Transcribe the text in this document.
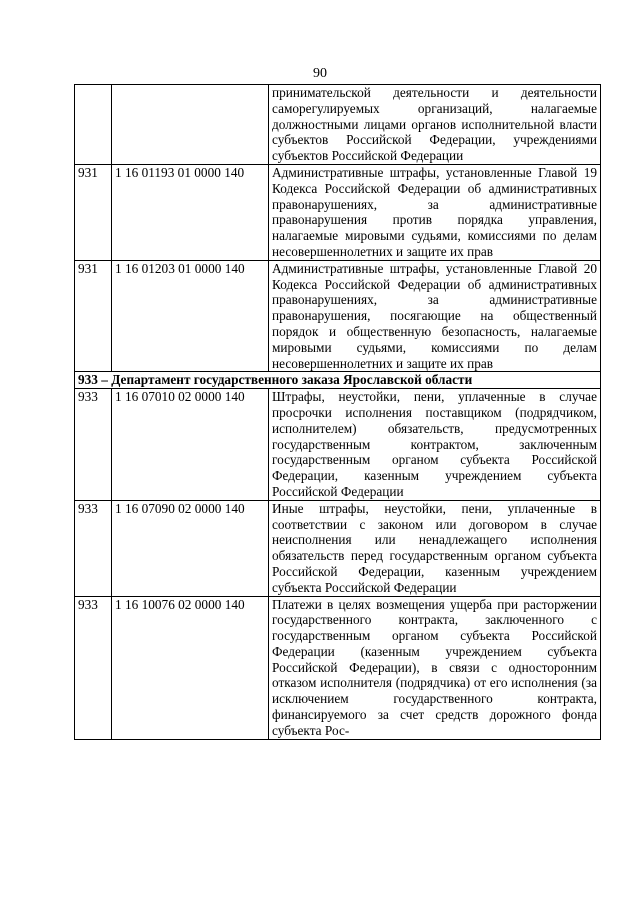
90
		принимательской деятельности и деятельности саморегулируемых организаций, налагаемые должностными лицами органов исполнительной власти субъектов Российской Федерации, учреждениями субъектов Российской Федерации
931	1 16 01193 01 0000 140	Административные штрафы, установленные Главой 19 Кодекса Российской Федерации об административных правонарушениях, за административные правонарушения против порядка управления, налагаемые мировыми судьями, комиссиями по делам несовершеннолетних и защите их прав
931	1 16 01203 01 0000 140	Административные штрафы, установленные Главой 20 Кодекса Российской Федерации об административных правонарушениях, за административные правонарушения, посягающие на общественный порядок и общественную безопасность, налагаемые мировыми судьями, комиссиями по делам несовершеннолетних и защите их прав
933 – Департамент государственного заказа Ярославской области		
933	1 16 07010 02 0000 140	Штрафы, неустойки, пени, уплаченные в случае просрочки исполнения поставщиком (подрядчиком, исполнителем) обязательств, предусмотренных государственным контрактом, заключенным государственным органом субъекта Российской Федерации, казенным учреждением субъекта Российской Федерации
933	1 16 07090 02 0000 140	Иные штрафы, неустойки, пени, уплаченные в соответствии с законом или договором в случае неисполнения или ненадлежащего исполнения обязательств перед государственным органом субъекта Российской Федерации, казенным учреждением субъекта Российской Федерации
933	1 16 10076 02 0000 140	Платежи в целях возмещения ущерба при расторжении государственного контракта, заключенного с государственным органом субъекта Российской Федерации (казенным учреждением субъекта Российской Федерации), в связи с односторонним отказом исполнителя (подрядчика) от его исполнения (за исключением государственного контракта, финансируемого за счет средств дорожного фонда субъекта Рос-
